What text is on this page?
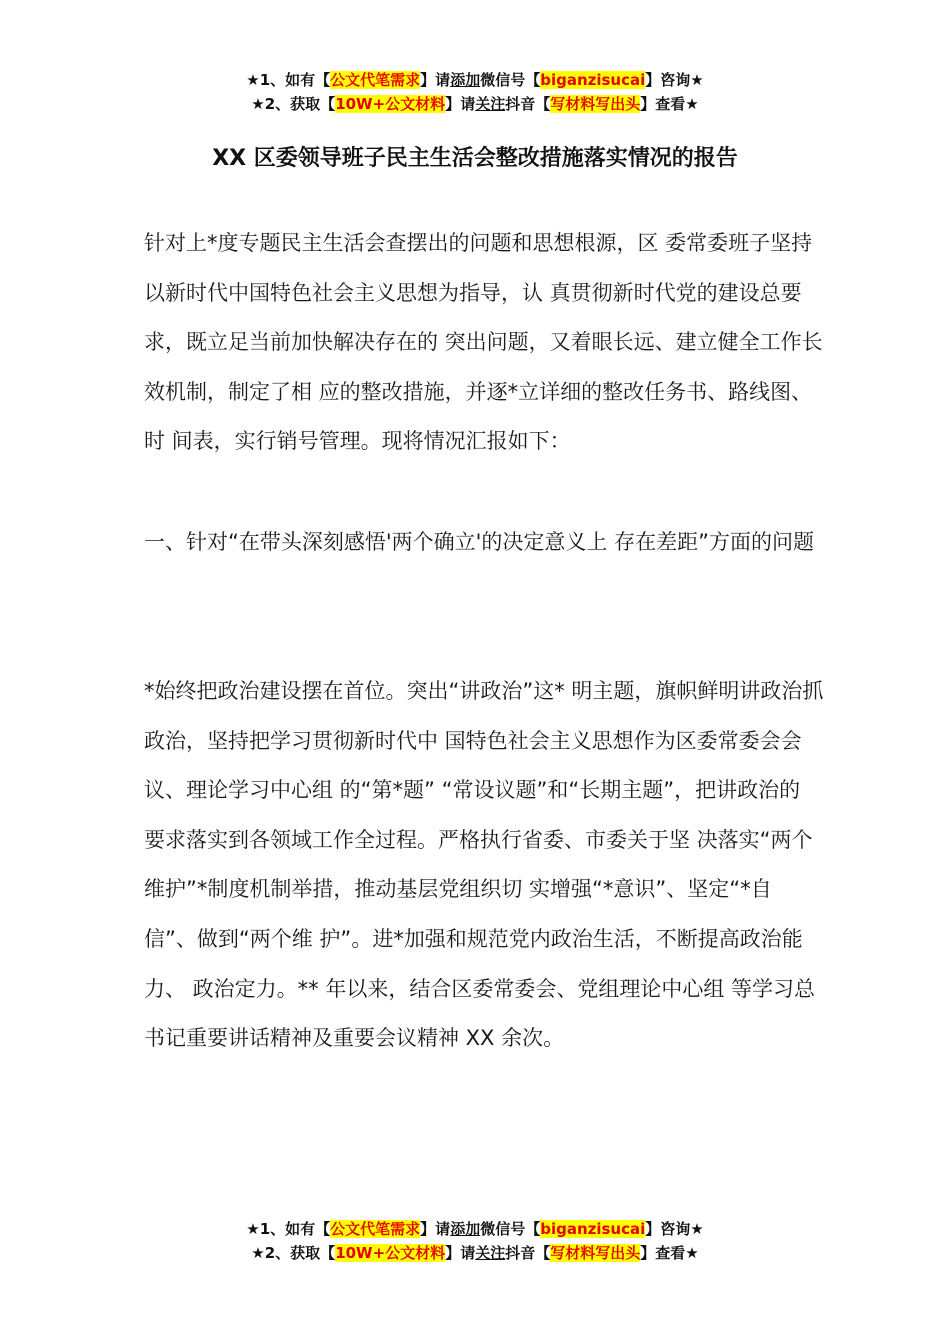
★1、如有【公文代笔需求】请添加微信号【biganzisucai】咨询★
★2、获取【10W+公文材料】请关注抖音【写材料写出头】查看★
XX 区委领导班子民主生活会整改措施落实情况的报告

针对上*度专题民主生活会查摆出的问题和思想根源，区 委常委班子坚持以新时代中国特色社会主义思想为指导，认 真贯彻新时代党的建设总要求，既立足当前加快解决存在的 突出问题，又着眼长远、建立健全工作长效机制，制定了相 应的整改措施，并逐*立详细的整改任务书、路线图、时 间表，实行销号管理。现将情况汇报如下：

一、针对“在带头深刻感悟'两个确立'的决定意义上 存在差距”方面的问题

*始终把政治建设摆在首位。突出“讲政治”这* 明主题，旗帜鲜明讲政治抓政治，坚持把学习贯彻新时代中 国特色社会主义思想作为区委常委会会议、理论学习中心组 的“第*题” “常设议题”和“长期主题”，把讲政治的 要求落实到各领域工作全过程。严格执行省委、市委关于坚 决落实“两个维护”*制度机制举措，推动基层党组织切 实增强“*意识”、坚定“*自信”、做到“两个维 护”。进*加强和规范党内政治生活，不断提高政治能力、 政治定力。** 年以来，结合区委常委会、党组理论中心组 等学习总书记重要讲话精神及重要会议精神 XX 余次。

★1、如有【公文代笔需求】请添加微信号【biganzisucai】咨询★
★2、获取【10W+公文材料】请关注抖音【写材料写出头】查看★
